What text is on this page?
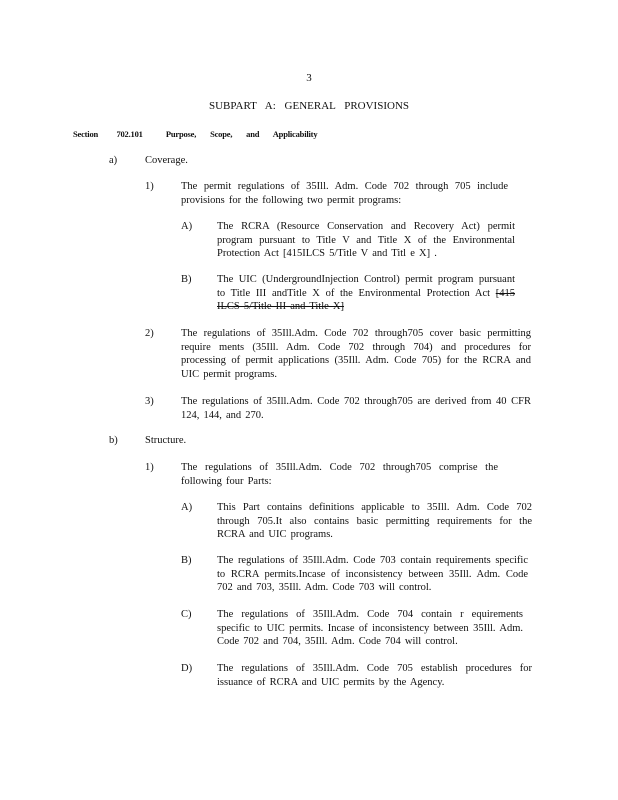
3
SUBPART A: GENERAL PROVISIONS
Section 702.101	Purpose, Scope, and Applicability
a)	Coverage.
1)	The permit regulations of 35Ill. Adm. Code 702 through 705 include provisions for the following two permit programs:
A) The RCRA (Resource Conservation and Recovery Act) permit program pursuant to Title V and Title X of the Environmental Protection Act [415ILCS 5/Title V and Titl e X] .
B) The UIC (UndergroundInjection Control) permit program pursuant to Title III andTitle X of the Environmental Protection Act [415 ILCS 5/Title III and Title X]
2)	The regulations of 35Ill.Adm. Code 702 through705 cover basic permitting require ments (35Ill. Adm. Code 702 through 704) and procedures for processing of permit applications (35Ill. Adm. Code 705) for the RCRA and UIC permit programs.
3)	The regulations of 35Ill.Adm. Code 702 through705 are derived from 40 CFR 124, 144, and 270.
b)	Structure.
1)	The regulations of 35Ill.Adm. Code 702 through705 comprise the following four Parts:
A) This Part contains definitions applicable to 35Ill. Adm. Code 702 through 705.It also contains basic permitting requirements for the RCRA and UIC programs.
B) The regulations of 35Ill.Adm. Code 703 contain requirements specific to RCRA permits.Incase of inconsistency between 35Ill. Adm. Code 702 and 703, 35Ill. Adm. Code 703 will control.
C) The regulations of 35Ill.Adm. Code 704 contain r equirements specific to UIC permits. Incase of inconsistency between 35Ill. Adm. Code 702 and 704, 35Ill. Adm. Code 704 will control.
D) The regulations of 35Ill.Adm. Code 705 establish procedures for issuance of RCRA and UIC permits by the Agency.
